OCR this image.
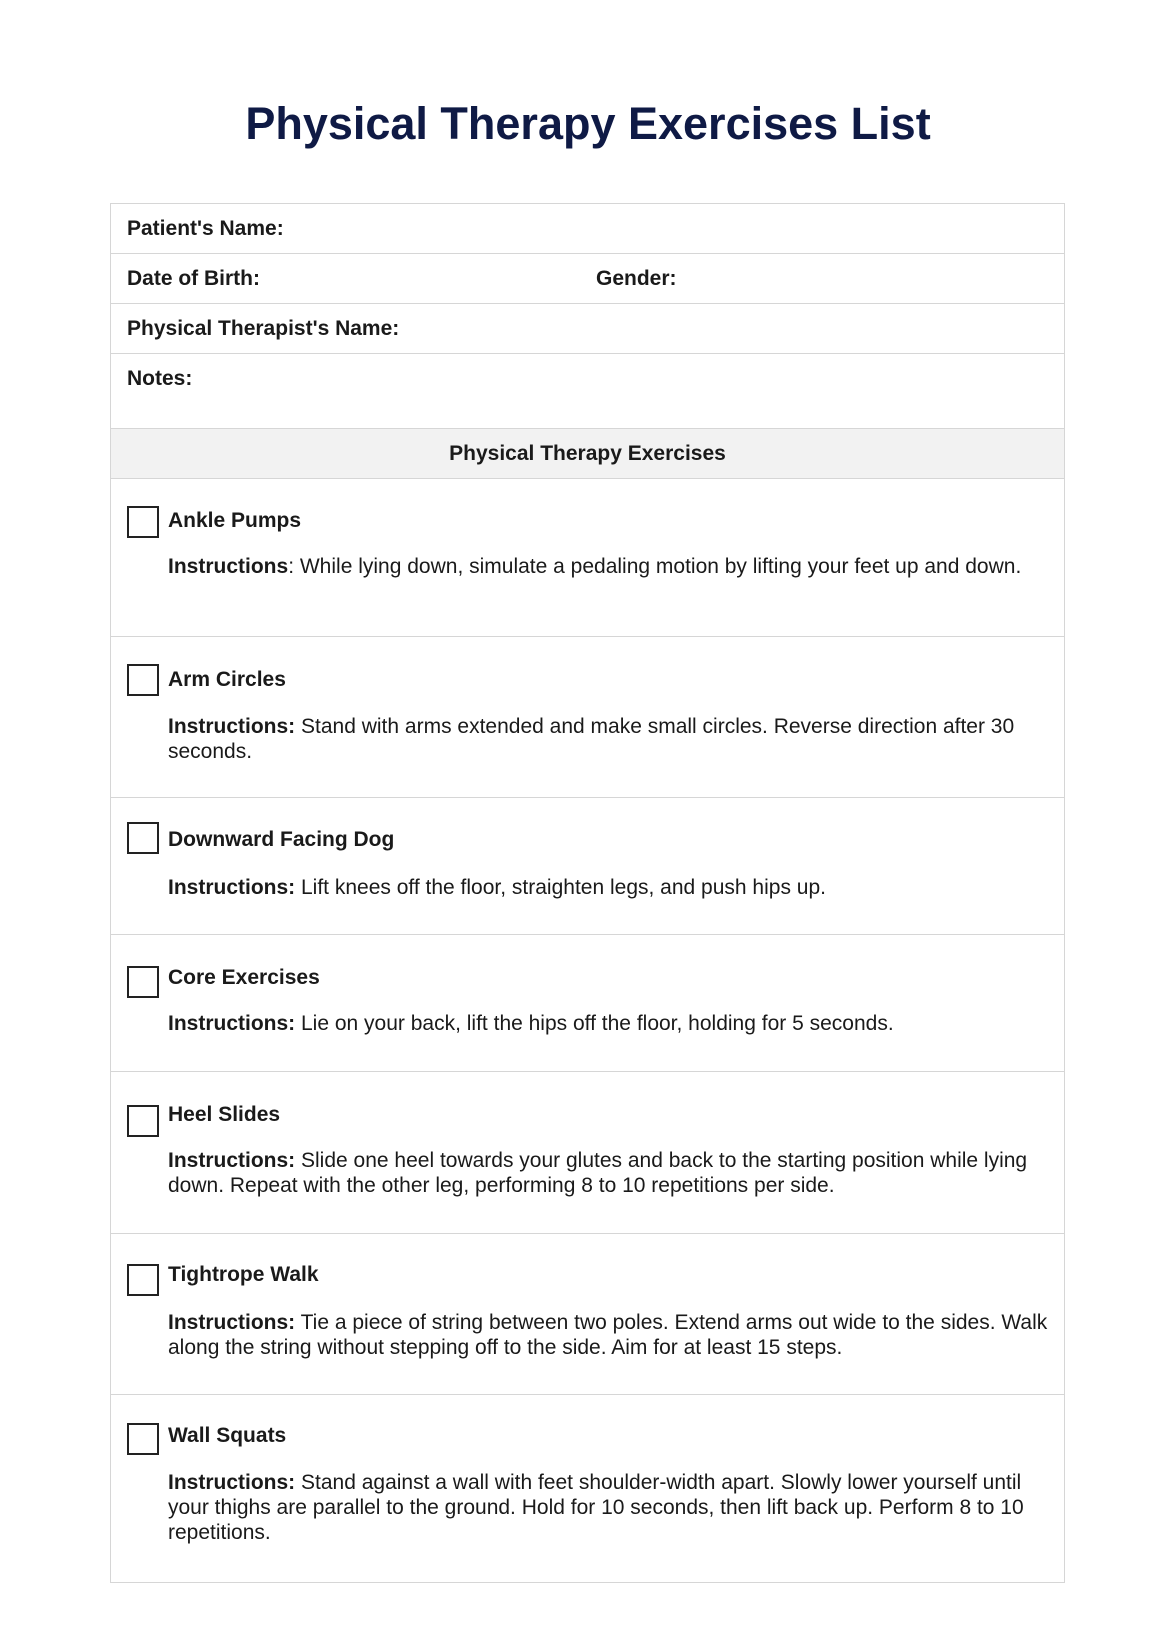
Physical Therapy Exercises List
Patient's Name:
Date of Birth:	Gender:
Physical Therapist's Name:
Notes:
Physical Therapy Exercises
Ankle Pumps
Instructions: While lying down, simulate a pedaling motion by lifting your feet up and down.
Arm Circles
Instructions: Stand with arms extended and make small circles. Reverse direction after 30 seconds.
Downward Facing Dog
Instructions: Lift knees off the floor, straighten legs, and push hips up.
Core Exercises
Instructions: Lie on your back, lift the hips off the floor, holding for 5 seconds.
Heel Slides
Instructions: Slide one heel towards your glutes and back to the starting position while lying down. Repeat with the other leg, performing 8 to 10 repetitions per side.
Tightrope Walk
Instructions: Tie a piece of string between two poles. Extend arms out wide to the sides. Walk along the string without stepping off to the side. Aim for at least 15 steps.
Wall Squats
Instructions: Stand against a wall with feet shoulder-width apart. Slowly lower yourself until your thighs are parallel to the ground. Hold for 10 seconds, then lift back up. Perform 8 to 10 repetitions.
